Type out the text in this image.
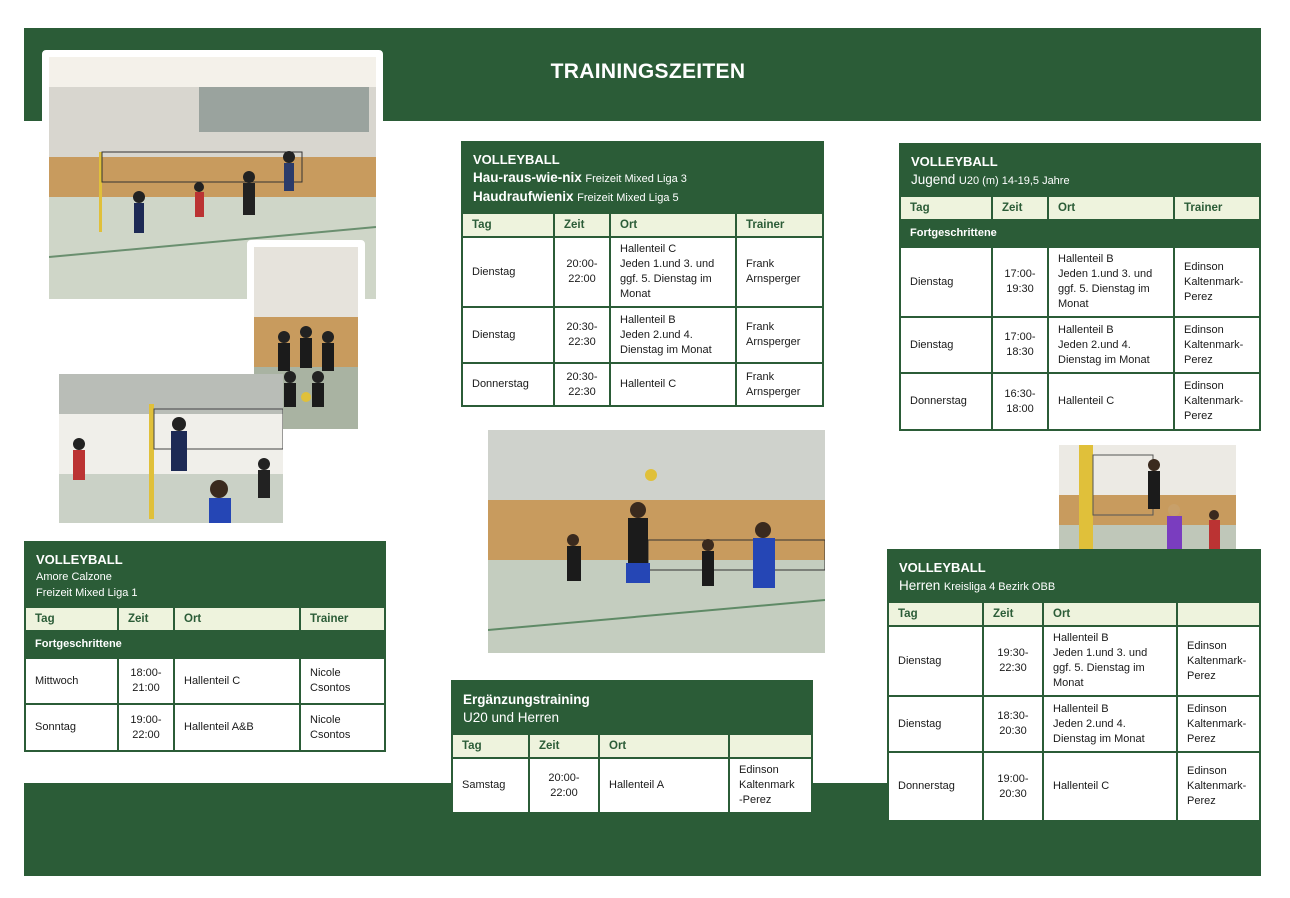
TRAININGSZEITEN
VOLLEYBALL
Amore Calzone
Freizeit Mixed Liga 1
Tag	Zeit	Ort	Trainer
Fortgeschrittene			
Mittwoch	18:00-
21:00	Hallenteil C	Nicole
Csontos
Sonntag	19:00-
22:00	Hallenteil A&B	Nicole
Csontos
VOLLEYBALL
Hau-raus-wie-nix Freizeit Mixed Liga 3
Haudraufwienix Freizeit Mixed Liga 5
Tag	Zeit	Ort	Trainer
Dienstag	20:00-
22:00	Hallenteil C
Jeden 1.und 3. und
ggf. 5. Dienstag im
Monat	Frank
Arnsperger
Dienstag	20:30-
22:30	Hallenteil B
Jeden 2.und 4.
Dienstag im Monat	Frank
Arnsperger
Donnerstag	20:30-
22:30	Hallenteil C	Frank
Arnsperger
VOLLEYBALL
Jugend U20 (m) 14-19,5 Jahre
Tag	Zeit	Ort	Trainer
Fortgeschrittene			
Dienstag	17:00-
19:30	Hallenteil B
Jeden 1.und 3. und
ggf. 5. Dienstag im
Monat	Edinson
Kaltenmark-
Perez
Dienstag	17:00-
18:30	Hallenteil B
Jeden 2.und 4.
Dienstag im Monat	Edinson
Kaltenmark-
Perez
Donnerstag	16:30-
18:00	Hallenteil C	Edinson
Kaltenmark-
Perez
Ergänzungstraining
U20 und Herren
Tag	Zeit	Ort	
Samstag	20:00-
22:00	Hallenteil A	Edinson
Kaltenmark
-Perez
VOLLEYBALL
Herren Kreisliga 4 Bezirk OBB
Tag	Zeit	Ort	
Dienstag	19:30-
22:30	Hallenteil B
Jeden 1.und 3. und
ggf. 5. Dienstag im
Monat	Edinson
Kaltenmark-
Perez
Dienstag	18:30-
20:30	Hallenteil B
Jeden 2.und 4.
Dienstag im Monat	Edinson
Kaltenmark-
Perez
Donnerstag	19:00-
20:30	Hallenteil C	Edinson
Kaltenmark-
Perez
